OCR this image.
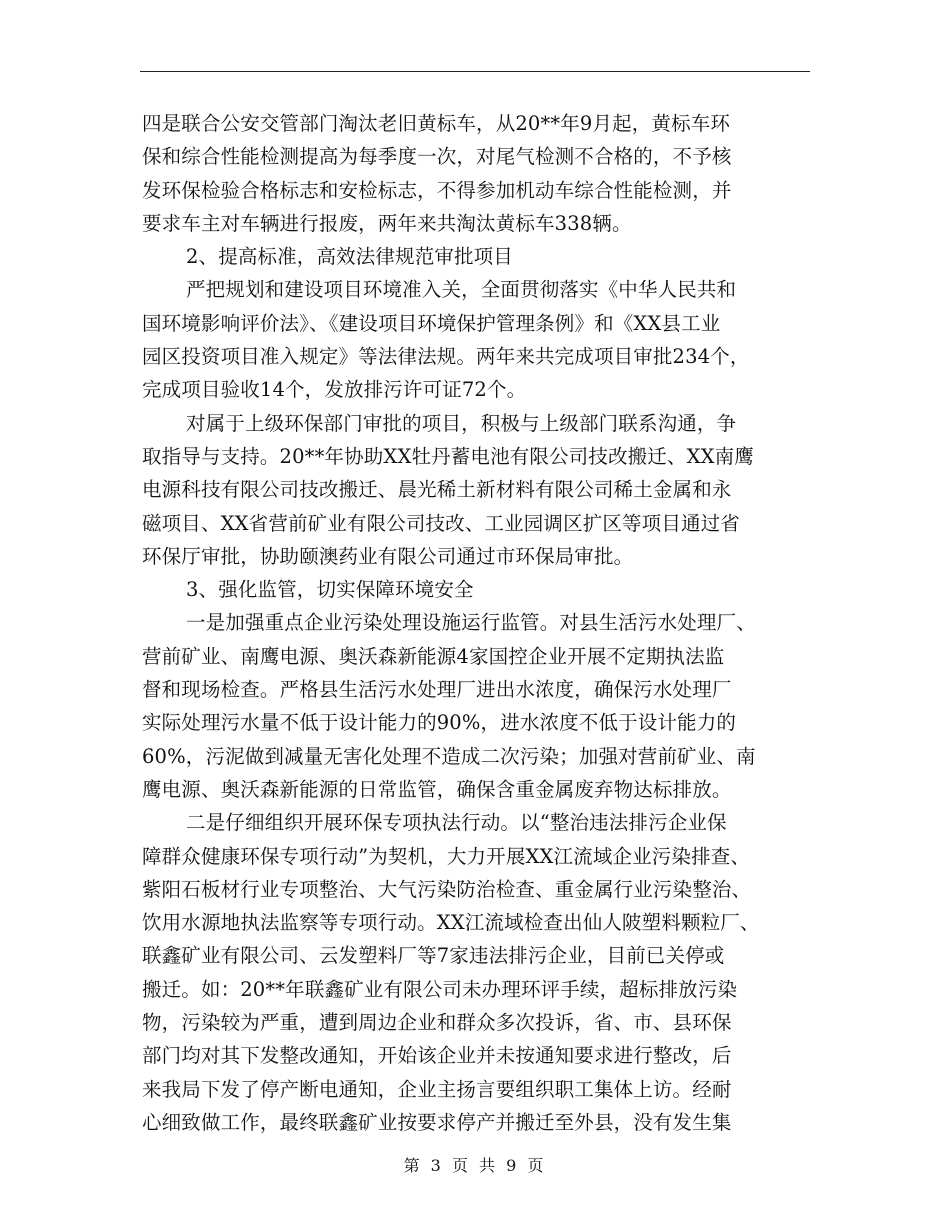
四是联合公安交管部门淘汰老旧黄标车，从20**年9月起，黄标车环
保和综合性能检测提高为每季度一次，对尾气检测不合格的，不予核
发环保检验合格标志和安检标志，不得参加机动车综合性能检测，并
要求车主对车辆进行报废，两年来共淘汰黄标车338辆。
2、提高标准，高效法律规范审批项目
严把规划和建设项目环境准入关，全面贯彻落实《中华人民共和
国环境影响评价法》、《建设项目环境保护管理条例》和《XX县工业
园区投资项目准入规定》等法律法规。两年来共完成项目审批234个，
完成项目验收14个，发放排污许可证72个。
对属于上级环保部门审批的项目，积极与上级部门联系沟通，争
取指导与支持。20**年协助XX牡丹蓄电池有限公司技改搬迁、XX南鹰
电源科技有限公司技改搬迁、晨光稀土新材料有限公司稀土金属和永
磁项目、XX省营前矿业有限公司技改、工业园调区扩区等项目通过省
环保厅审批，协助颐澳药业有限公司通过市环保局审批。
3、强化监管，切实保障环境安全
一是加强重点企业污染处理设施运行监管。对县生活污水处理厂、
营前矿业、南鹰电源、奥沃森新能源4家国控企业开展不定期执法监
督和现场检查。严格县生活污水处理厂进出水浓度，确保污水处理厂
实际处理污水量不低于设计能力的90%，进水浓度不低于设计能力的
60%，污泥做到减量无害化处理不造成二次污染；加强对营前矿业、南
鹰电源、奥沃森新能源的日常监管，确保含重金属废弃物达标排放。
二是仔细组织开展环保专项执法行动。以“整治违法排污企业保
障群众健康环保专项行动”为契机，大力开展XX江流域企业污染排查、
紫阳石板材行业专项整治、大气污染防治检查、重金属行业污染整治、
饮用水源地执法监察等专项行动。XX江流域检查出仙人陂塑料颗粒厂、
联鑫矿业有限公司、云发塑料厂等7家违法排污企业，目前已关停或
搬迁。如：20**年联鑫矿业有限公司未办理环评手续，超标排放污染
物，污染较为严重，遭到周边企业和群众多次投诉，省、市、县环保
部门均对其下发整改通知，开始该企业并未按通知要求进行整改，后
来我局下发了停产断电通知，企业主扬言要组织职工集体上访。经耐
心细致做工作，最终联鑫矿业按要求停产并搬迁至外县，没有发生集
第 3 页 共 9 页
